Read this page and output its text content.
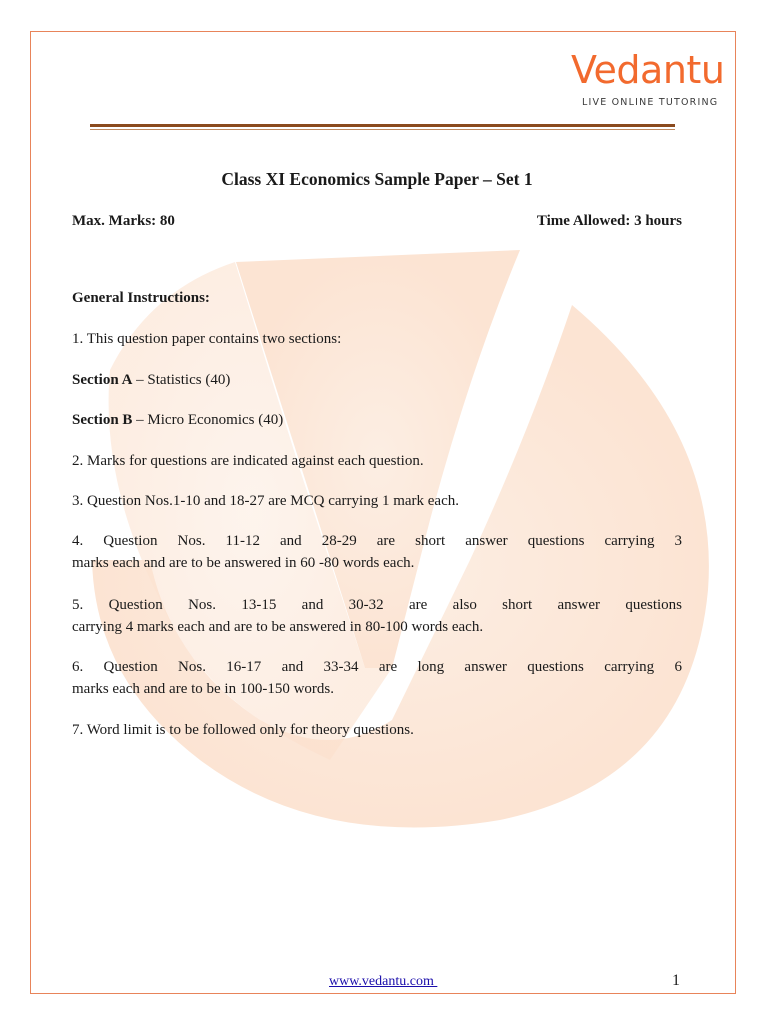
Vedantu
LIVE ONLINE TUTORING
Class XI Economics Sample Paper – Set 1
Max. Marks: 80	Time Allowed: 3 hours
General Instructions:
1. This question paper contains two sections:
Section A – Statistics (40)
Section B – Micro Economics (40)
2. Marks for questions are indicated against each question.
3. Question Nos.1-10 and 18-27 are MCQ carrying 1 mark each.
4. Question Nos. 11-12 and 28-29 are short answer questions carrying 3
marks each and are to be answered in 60 -80 words each.
5. Question Nos. 13-15 and 30-32 are also short answer questions
carrying 4 marks each and are to be answered in 80-100 words each.
6. Question Nos. 16-17 and 33-34 are long answer questions carrying 6
marks each and are to be in 100-150 words.
7. Word limit is to be followed only for theory questions.
www.vedantu.com	1
